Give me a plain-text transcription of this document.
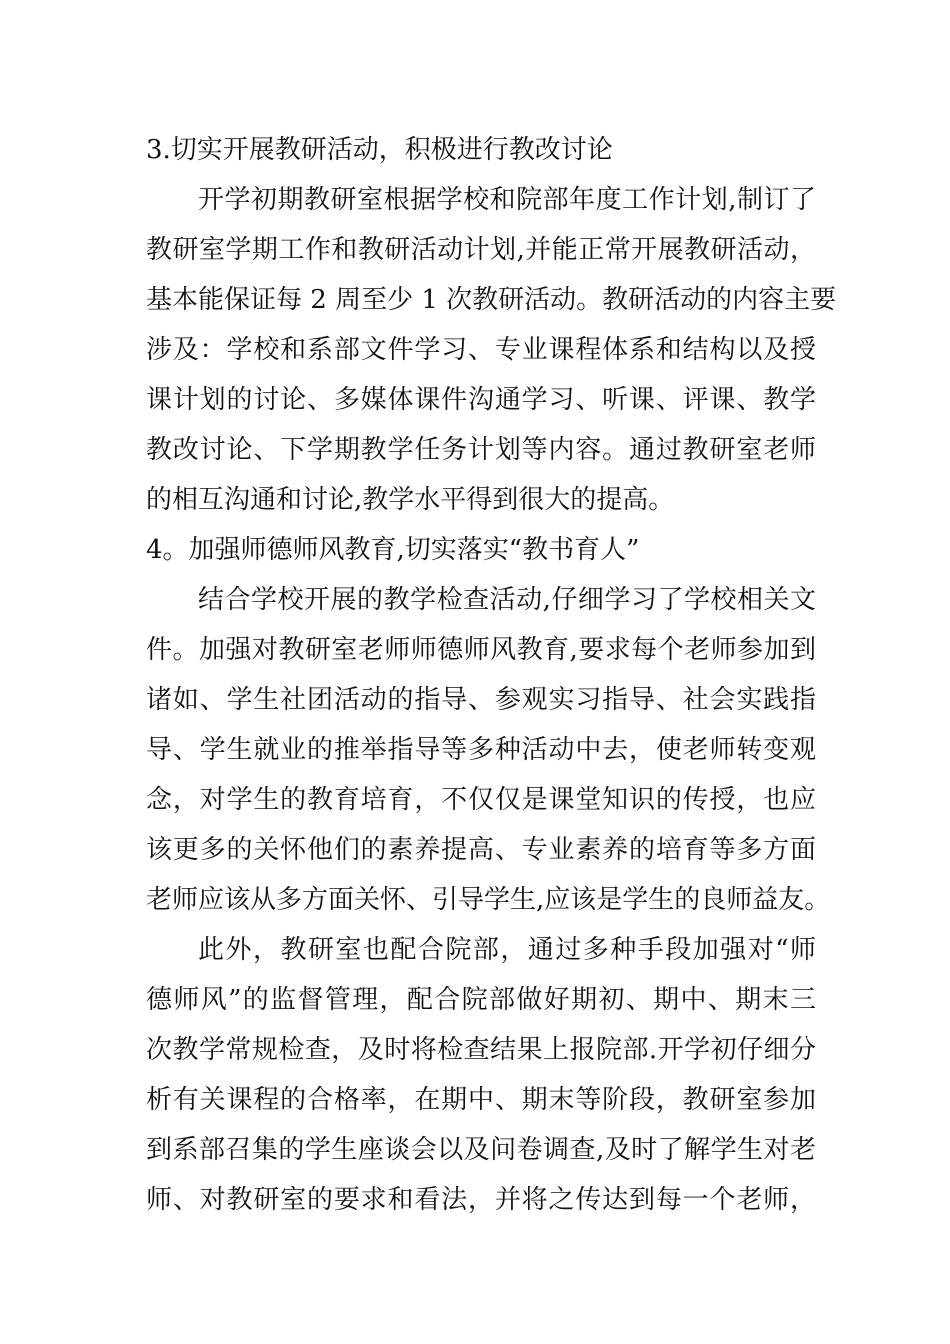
3.切实开展教研活动，积极进行教改讨论
开学初期教研室根据学校和院部年度工作计划,制订了
教研室学期工作和教研活动计划,并能正常开展教研活动，
基本能保证每 2 周至少 1 次教研活动。教研活动的内容主要
涉及：学校和系部文件学习、专业课程体系和结构以及授
课计划的讨论、多媒体课件沟通学习、听课、评课、教学
教改讨论、下学期教学任务计划等内容。通过教研室老师
的相互沟通和讨论,教学水平得到很大的提高。
4。加强师德师风教育,切实落实“教书育人”
结合学校开展的教学检查活动,仔细学习了学校相关文
件。加强对教研室老师师德师风教育,要求每个老师参加到
诸如、学生社团活动的指导、参观实习指导、社会实践指
导、学生就业的推举指导等多种活动中去，使老师转变观
念，对学生的教育培育，不仅仅是课堂知识的传授，也应
该更多的关怀他们的素养提高、专业素养的培育等多方面
老师应该从多方面关怀、引导学生,应该是学生的良师益友。
此外，教研室也配合院部，通过多种手段加强对“师
德师风”的监督管理，配合院部做好期初、期中、期末三
次教学常规检查，及时将检查结果上报院部.开学初仔细分
析有关课程的合格率，在期中、期末等阶段，教研室参加
到系部召集的学生座谈会以及问卷调查,及时了解学生对老
师、对教研室的要求和看法，并将之传达到每一个老师，
